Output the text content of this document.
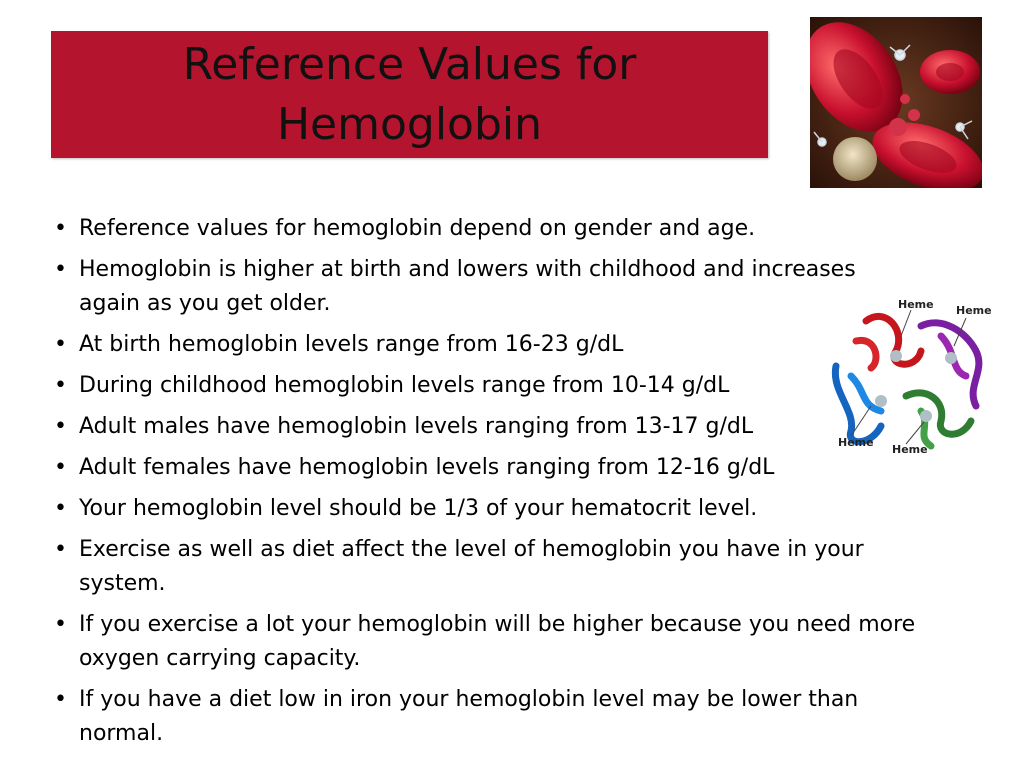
Reference Values for Hemoglobin
Heme Heme
Heme
Heme
• Reference values for hemoglobin depend on gender and age.
• Hemoglobin is higher at birth and lowers with childhood and increases again as you get older.
• At birth hemoglobin levels range from 16-23 g/dL
• During childhood hemoglobin levels range from 10-14 g/dL
• Adult males have hemoglobin levels ranging from 13-17 g/dL
• Adult females have hemoglobin levels ranging from 12-16 g/dL
• Your hemoglobin level should be 1/3 of your hematocrit level.
• Exercise as well as diet affect the level of hemoglobin you have in your system.
• If you exercise a lot your hemoglobin will be higher because you need more oxygen carrying capacity.
• If you have a diet low in iron your hemoglobin level may be lower than normal.
